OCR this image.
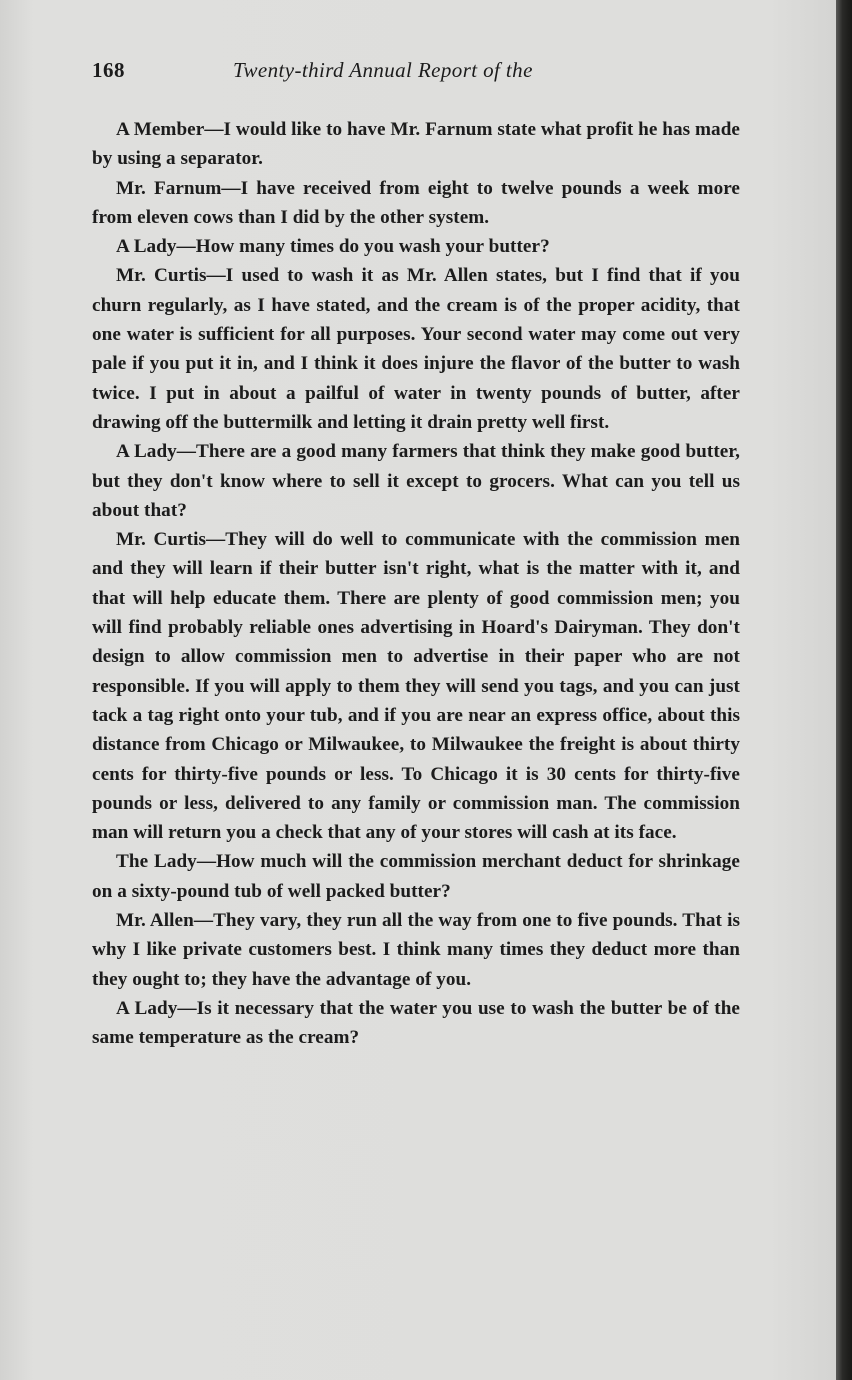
168	Twenty-third Annual Report of the

A Member—I would like to have Mr. Farnum state what profit he has made by using a separator.

Mr. Farnum—I have received from eight to twelve pounds a week more from eleven cows than I did by the other system.

A Lady—How many times do you wash your butter?

Mr. Curtis—I used to wash it as Mr. Allen states, but I find that if you churn regularly, as I have stated, and the cream is of the proper acidity, that one water is sufficient for all purposes. Your second water may come out very pale if you put it in, and I think it does injure the flavor of the butter to wash twice. I put in about a pailful of water in twenty pounds of butter, after drawing off the buttermilk and letting it drain pretty well first.

A Lady—There are a good many farmers that think they make good butter, but they don't know where to sell it except to grocers. What can you tell us about that?

Mr. Curtis—They will do well to communicate with the commission men and they will learn if their butter isn't right, what is the matter with it, and that will help educate them. There are plenty of good commission men; you will find probably reliable ones advertising in Hoard's Dairyman. They don't design to allow commission men to advertise in their paper who are not responsible. If you will apply to them they will send you tags, and you can just tack a tag right onto your tub, and if you are near an express office, about this distance from Chicago or Milwaukee, to Milwaukee the freight is about thirty cents for thirty-five pounds or less. To Chicago it is 30 cents for thirty-five pounds or less, delivered to any family or commission man. The commission man will return you a check that any of your stores will cash at its face.

The Lady—How much will the commission merchant deduct for shrinkage on a sixty-pound tub of well packed butter?

Mr. Allen—They vary, they run all the way from one to five pounds. That is why I like private customers best. I think many times they deduct more than they ought to; they have the advantage of you.

A Lady—Is it necessary that the water you use to wash the butter be of the same temperature as the cream?
